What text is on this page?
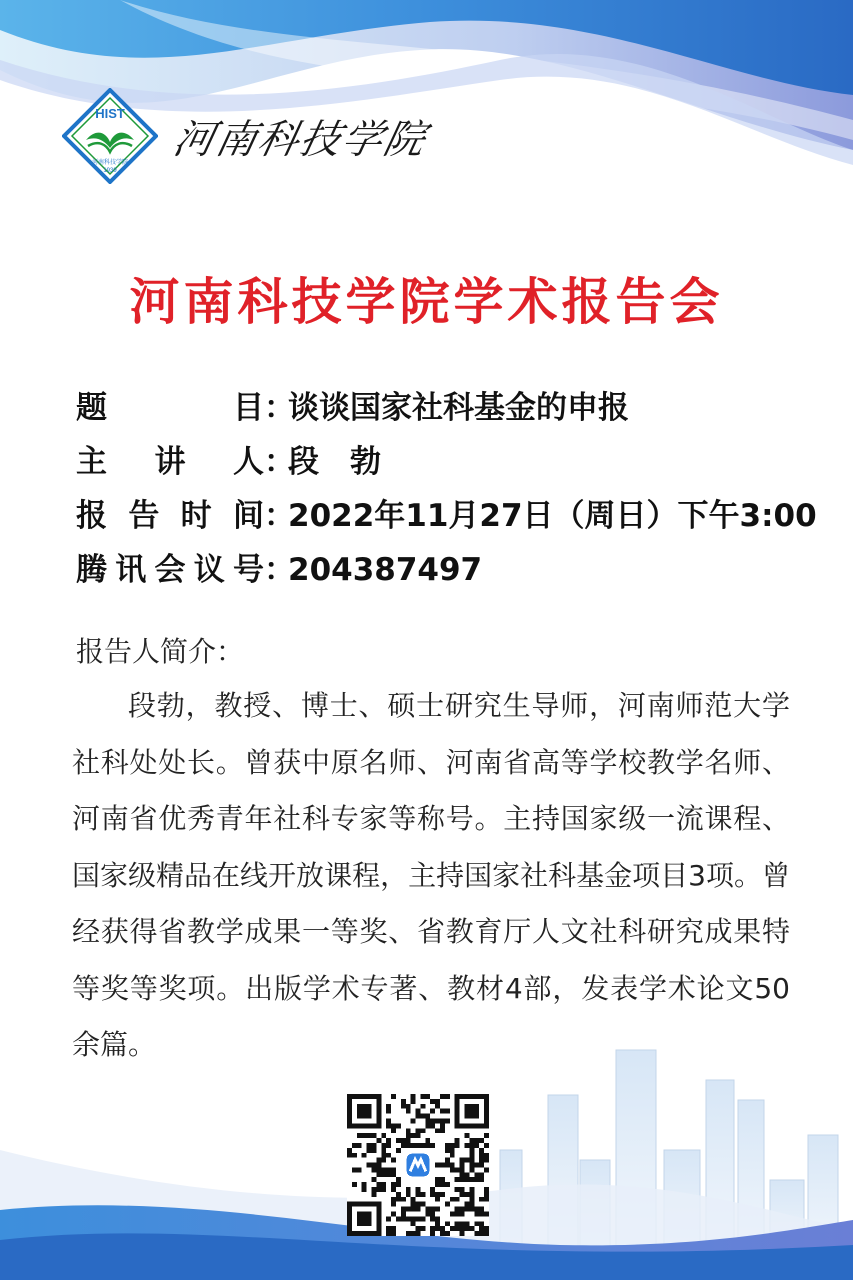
HIST
河南科技学院
1939
河南科技学院
河南科技学院学术报告会
题	目 ：
谈谈国家社科基金的申报
主 讲 人 ：
段　勃
报 告 时 间 ：
2022年11月27日（周日）下午3:00
腾 讯 会 议 号 ：
204387497
报告人简介：
段勃，教授、博士、硕士研究生导师，河南师范大学社科处处长。曾获中原名师、河南省高等学校教学名师、河南省优秀青年社科专家等称号。主持国家级一流课程、国家级精品在线开放课程，主持国家社科基金项目3项。曾经获得省教学成果一等奖、省教育厅人文社科研究成果特等奖等奖项。出版学术专著、教材4部，发表学术论文50余篇。
